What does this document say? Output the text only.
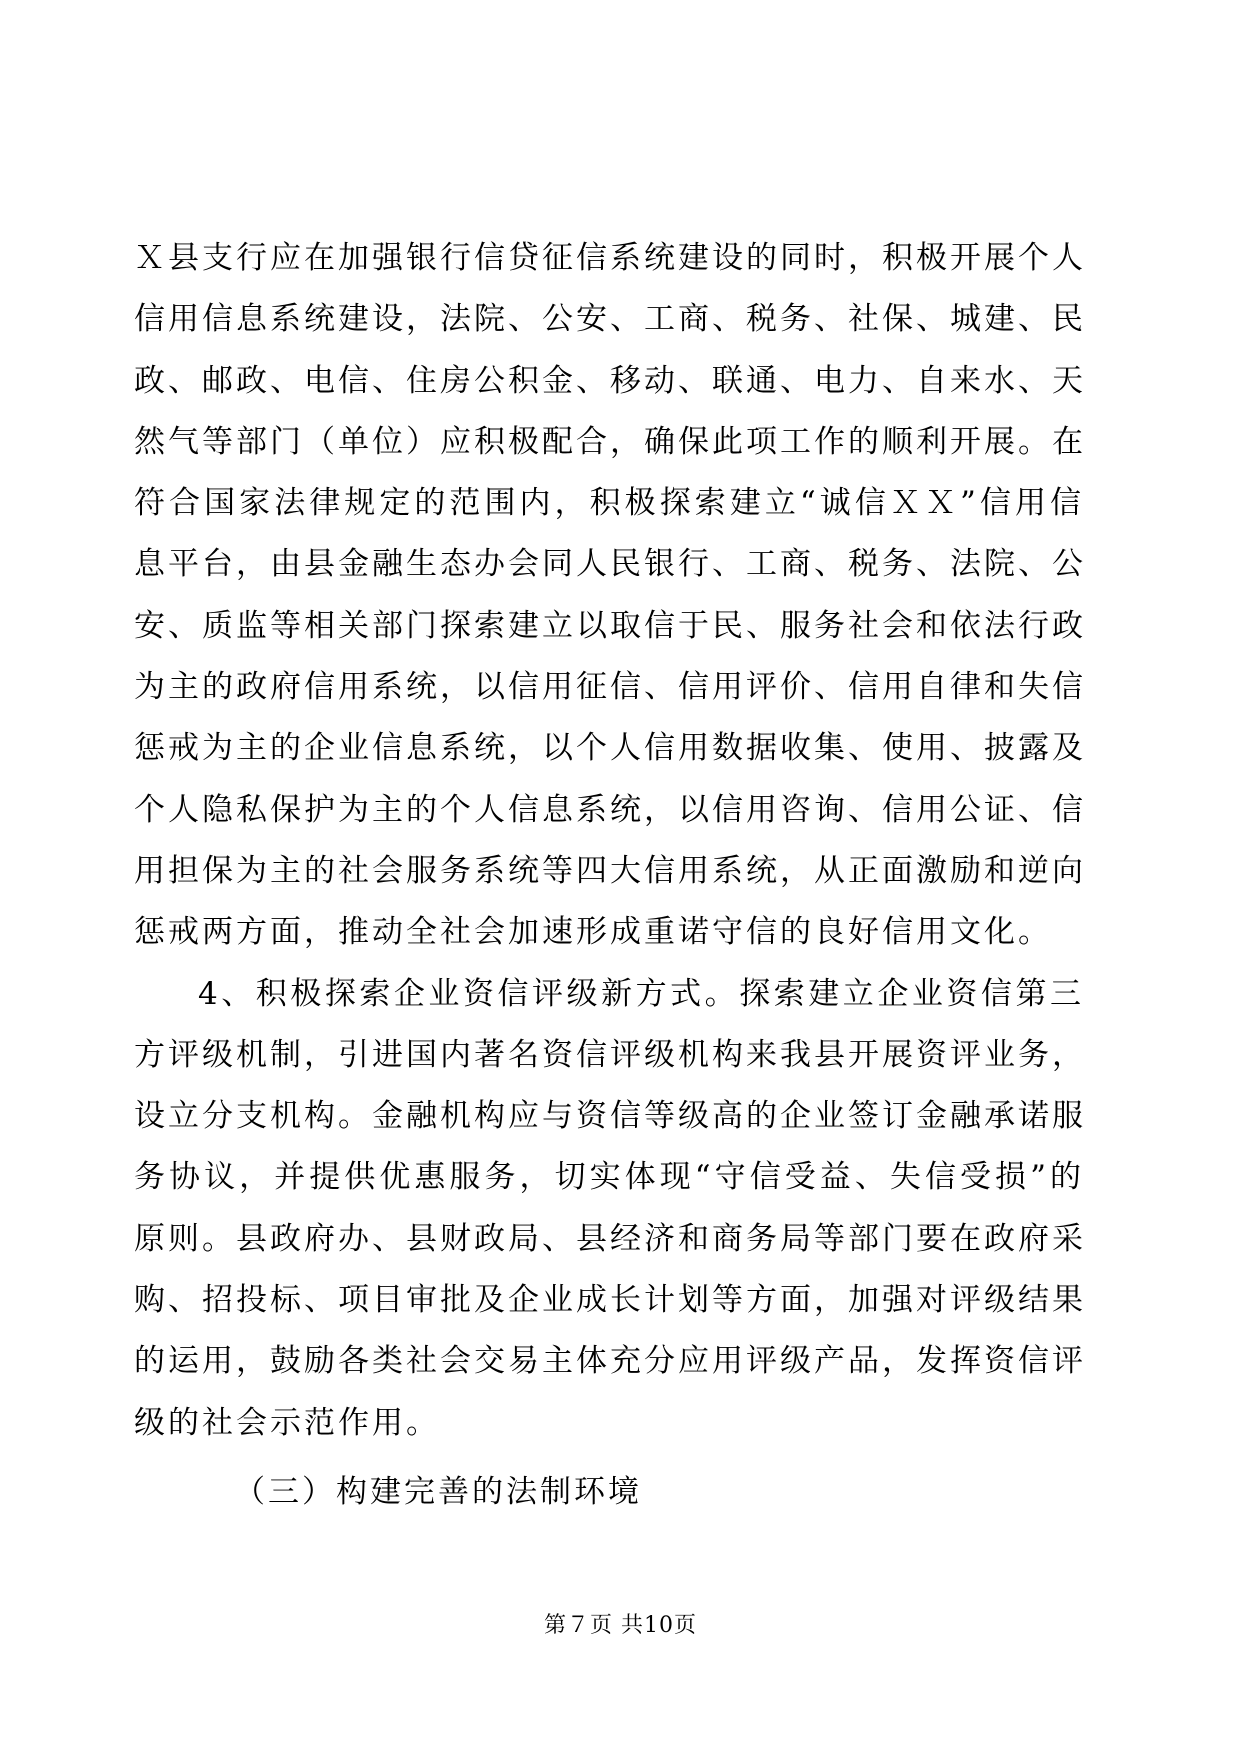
Ｘ县支行应在加强银行信贷征信系统建设的同时，积极开展个人
信用信息系统建设，法院、公安、工商、税务、社保、城建、民
政、邮政、电信、住房公积金、移动、联通、电力、自来水、天
然气等部门（单位）应积极配合，确保此项工作的顺利开展。在
符合国家法律规定的范围内，积极探索建立“诚信ＸＸ”信用信
息平台，由县金融生态办会同人民银行、工商、税务、法院、公
安、质监等相关部门探索建立以取信于民、服务社会和依法行政
为主的政府信用系统，以信用征信、信用评价、信用自律和失信
惩戒为主的企业信息系统，以个人信用数据收集、使用、披露及
个人隐私保护为主的个人信息系统，以信用咨询、信用公证、信
用担保为主的社会服务系统等四大信用系统，从正面激励和逆向
惩戒两方面，推动全社会加速形成重诺守信的良好信用文化。
4、积极探索企业资信评级新方式。探索建立企业资信第三
方评级机制，引进国内著名资信评级机构来我县开展资评业务，
设立分支机构。金融机构应与资信等级高的企业签订金融承诺服
务协议，并提供优惠服务，切实体现“守信受益、失信受损”的
原则。县政府办、县财政局、县经济和商务局等部门要在政府采
购、招投标、项目审批及企业成长计划等方面，加强对评级结果
的运用，鼓励各类社会交易主体充分应用评级产品，发挥资信评
级的社会示范作用。
（三）构建完善的法制环境
第７页 共10页
